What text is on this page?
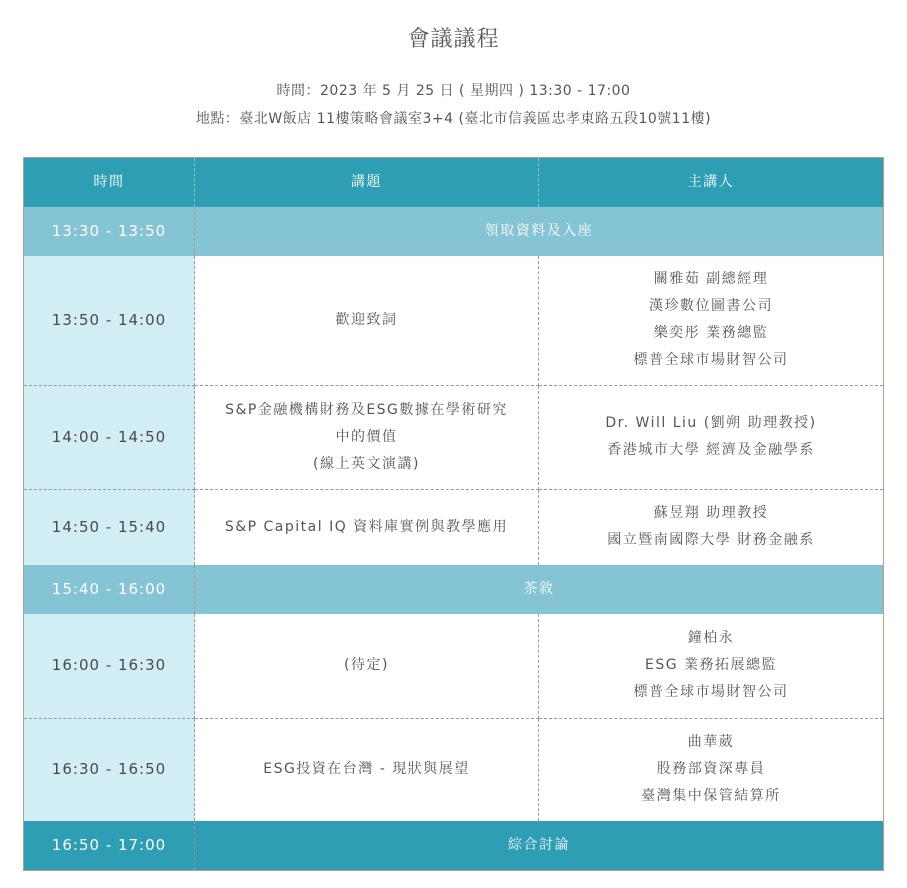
會議議程
時間：2023 年 5 月 25 日 ( 星期四 ) 13:30 - 17:00
地點：臺北W飯店 11樓策略會議室3+4 (臺北市信義區忠孝東路五段10號11樓)
時間	講題	主講人
13:30 - 13:50	領取資料及入座	
13:50 - 14:00	歡迎致詞	關雅茹 副總經理
漢珍數位圖書公司
樂奕彤 業務總監
標普全球市場財智公司

14:00 - 14:50	S&P金融機構財務及ESG數據在學術研究
中的價值
(線上英文演講)	Dr. Will Liu (劉朔 助理教授)
香港城市大學 經濟及金融學系

14:50 - 15:40	S&P Capital IQ 資料庫實例與教學應用	蘇昱翔 助理教授
國立暨南國際大學 財務金融系

15:40 - 16:00	茶敘	
16:00 - 16:30	(待定)	鐘柏永
ESG 業務拓展總監
標普全球市場財智公司

16:30 - 16:50	ESG投資在台灣 - 現狀與展望	曲華葳
股務部資深專員
臺灣集中保管結算所

16:50 - 17:00	綜合討論	
